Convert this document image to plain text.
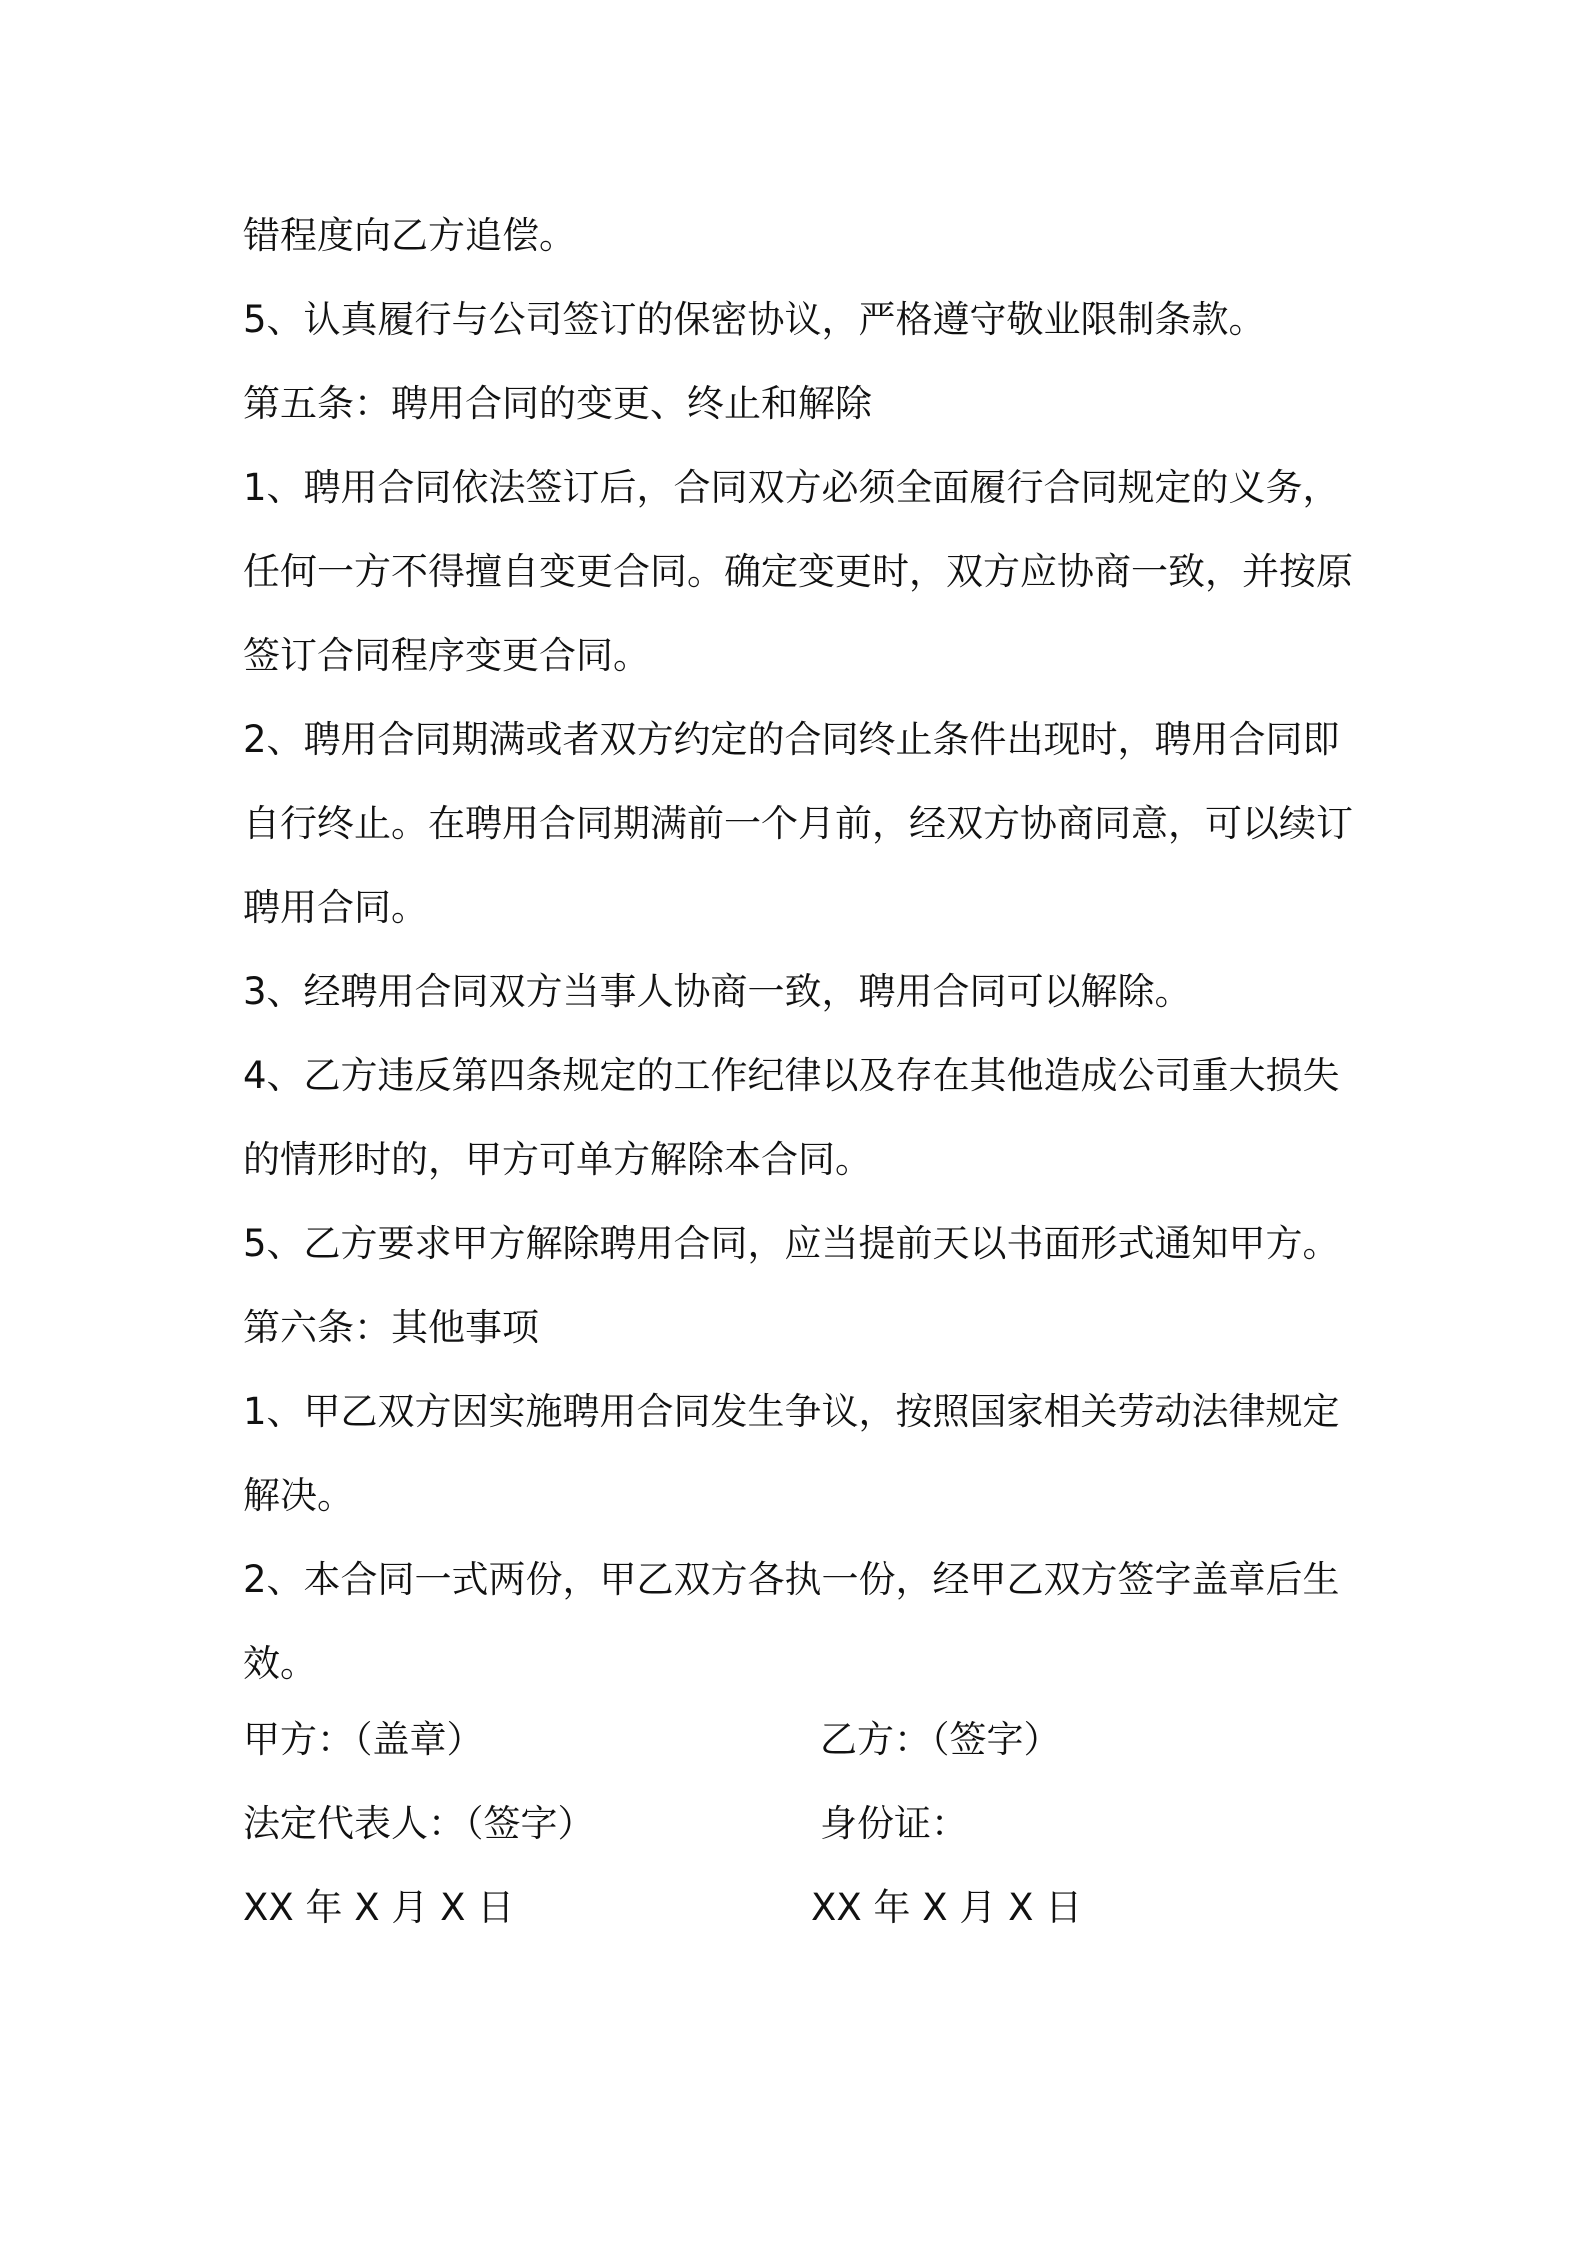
错程度向乙方追偿。

5、认真履行与公司签订的保密协议，严格遵守敬业限制条款。

第五条：聘用合同的变更、终止和解除

1、聘用合同依法签订后，合同双方必须全面履行合同规定的义务，任何一方不得擅自变更合同。确定变更时，双方应协商一致，并按原签订合同程序变更合同。

2、聘用合同期满或者双方约定的合同终止条件出现时，聘用合同即自行终止。在聘用合同期满前一个月前，经双方协商同意，可以续订聘用合同。

3、经聘用合同双方当事人协商一致，聘用合同可以解除。

4、乙方违反第四条规定的工作纪律以及存在其他造成公司重大损失的情形时的，甲方可单方解除本合同。

5、乙方要求甲方解除聘用合同，应当提前天以书面形式通知甲方。

第六条：其他事项

1、甲乙双方因实施聘用合同发生争议，按照国家相关劳动法律规定解决。

2、本合同一式两份，甲乙双方各执一份，经甲乙双方签字盖章后生效。

甲方：（盖章）	乙方：（签字）
法定代表人：（签字）	身份证：
XX 年 X 月 X 日	XX 年 X 月 X 日
